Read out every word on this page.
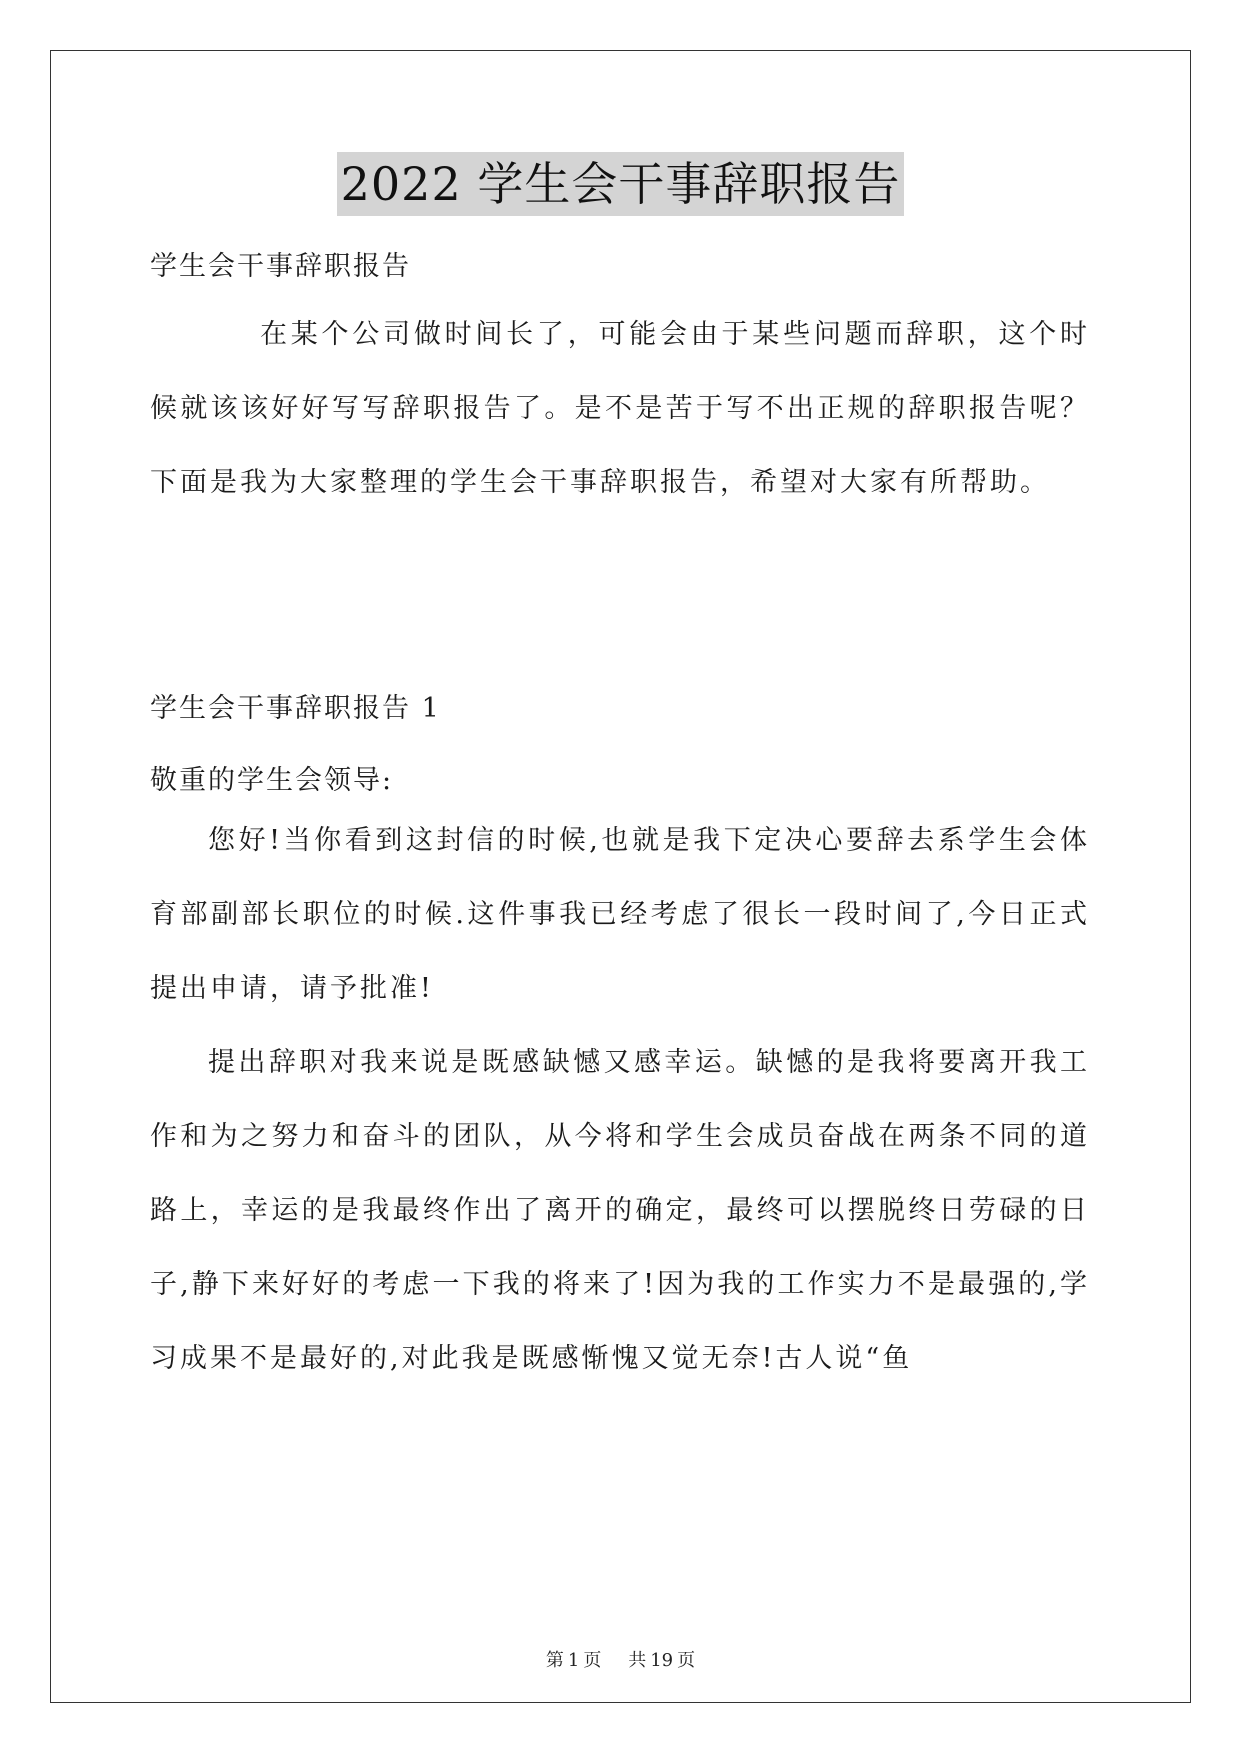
2022 学生会干事辞职报告
学生会干事辞职报告
在某个公司做时间长了，可能会由于某些问题而辞职，这个时候就该该好好写写辞职报告了。是不是苦于写不出正规的辞职报告呢？下面是我为大家整理的学生会干事辞职报告，希望对大家有所帮助。
学生会干事辞职报告 1
敬重的学生会领导:
您好!当你看到这封信的时候,也就是我下定决心要辞去系学生会体育部副部长职位的时候.这件事我已经考虑了很长一段时间了,今日正式提出申请，请予批准!
提出辞职对我来说是既感缺憾又感幸运。缺憾的是我将要离开我工作和为之努力和奋斗的团队，从今将和学生会成员奋战在两条不同的道路上，幸运的是我最终作出了离开的确定，最终可以摆脱终日劳碌的日子,静下来好好的考虑一下我的将来了!因为我的工作实力不是最强的,学习成果不是最好的,对此我是既感惭愧又觉无奈!古人说“鱼
第 1 页 共 19 页
